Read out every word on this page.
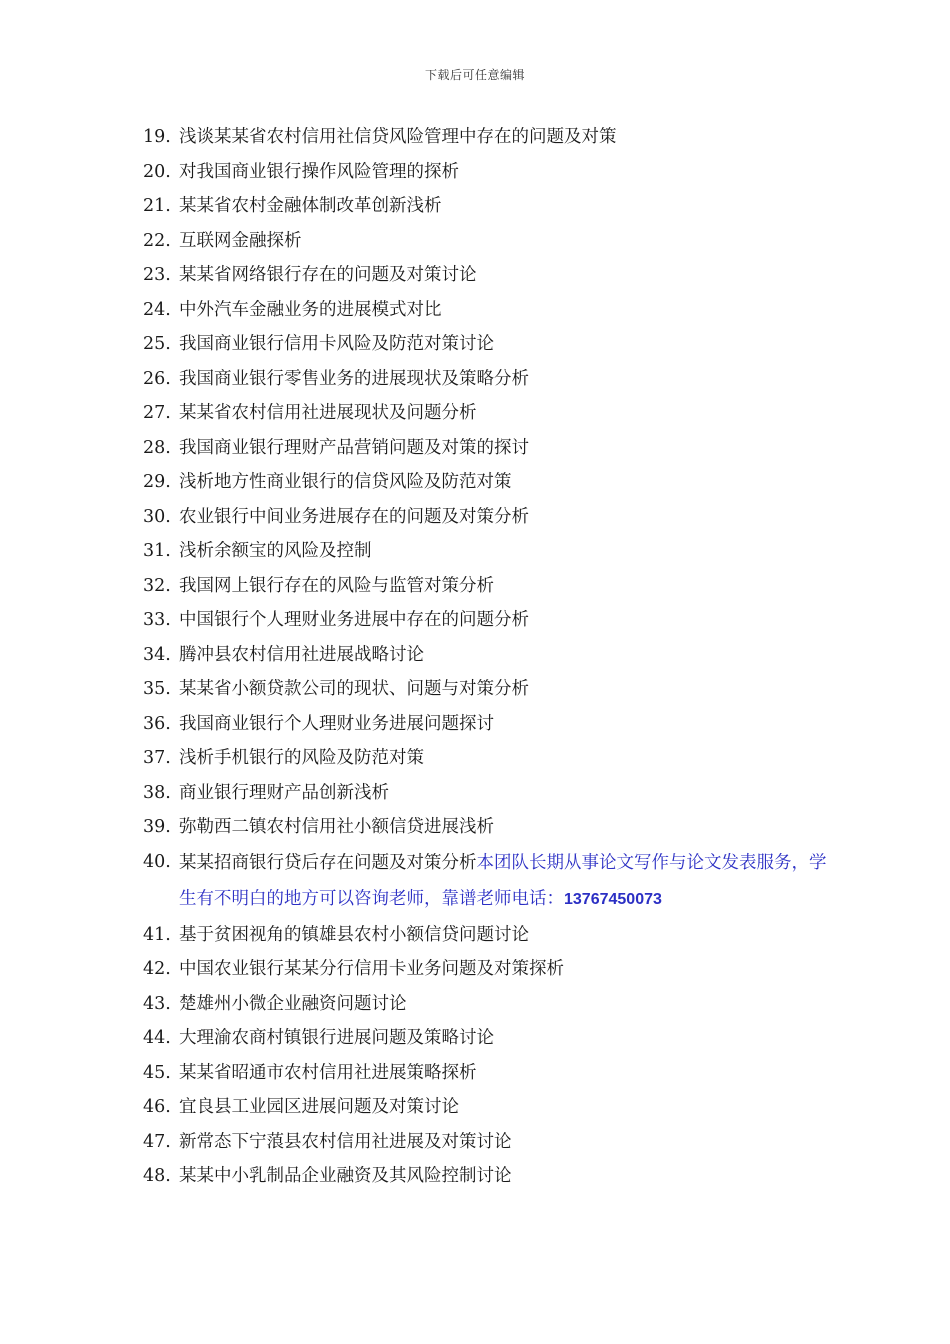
下载后可任意编辑
19. 浅谈某某省农村信用社信贷风险管理中存在的问题及对策
20. 对我国商业银行操作风险管理的探析
21. 某某省农村金融体制改革创新浅析
22. 互联网金融探析
23. 某某省网络银行存在的问题及对策讨论
24. 中外汽车金融业务的进展模式对比
25. 我国商业银行信用卡风险及防范对策讨论
26. 我国商业银行零售业务的进展现状及策略分析
27. 某某省农村信用社进展现状及问题分析
28. 我国商业银行理财产品营销问题及对策的探讨
29. 浅析地方性商业银行的信贷风险及防范对策
30. 农业银行中间业务进展存在的问题及对策分析
31. 浅析余额宝的风险及控制
32. 我国网上银行存在的风险与监管对策分析
33. 中国银行个人理财业务进展中存在的问题分析
34. 腾冲县农村信用社进展战略讨论
35. 某某省小额贷款公司的现状、问题与对策分析
36. 我国商业银行个人理财业务进展问题探讨
37. 浅析手机银行的风险及防范对策
38. 商业银行理财产品创新浅析
39. 弥勒西二镇农村信用社小额信贷进展浅析
40. 某某招商银行贷后存在问题及对策分析本团队长期从事论文写作与论文发表服务，学生有不明白的地方可以咨询老师，靠谱老师电话：13767450073
41. 基于贫困视角的镇雄县农村小额信贷问题讨论
42. 中国农业银行某某分行信用卡业务问题及对策探析
43. 楚雄州小微企业融资问题讨论
44. 大理渝农商村镇银行进展问题及策略讨论
45. 某某省昭通市农村信用社进展策略探析
46. 宜良县工业园区进展问题及对策讨论
47. 新常态下宁蒗县农村信用社进展及对策讨论
48. 某某中小乳制品企业融资及其风险控制讨论
